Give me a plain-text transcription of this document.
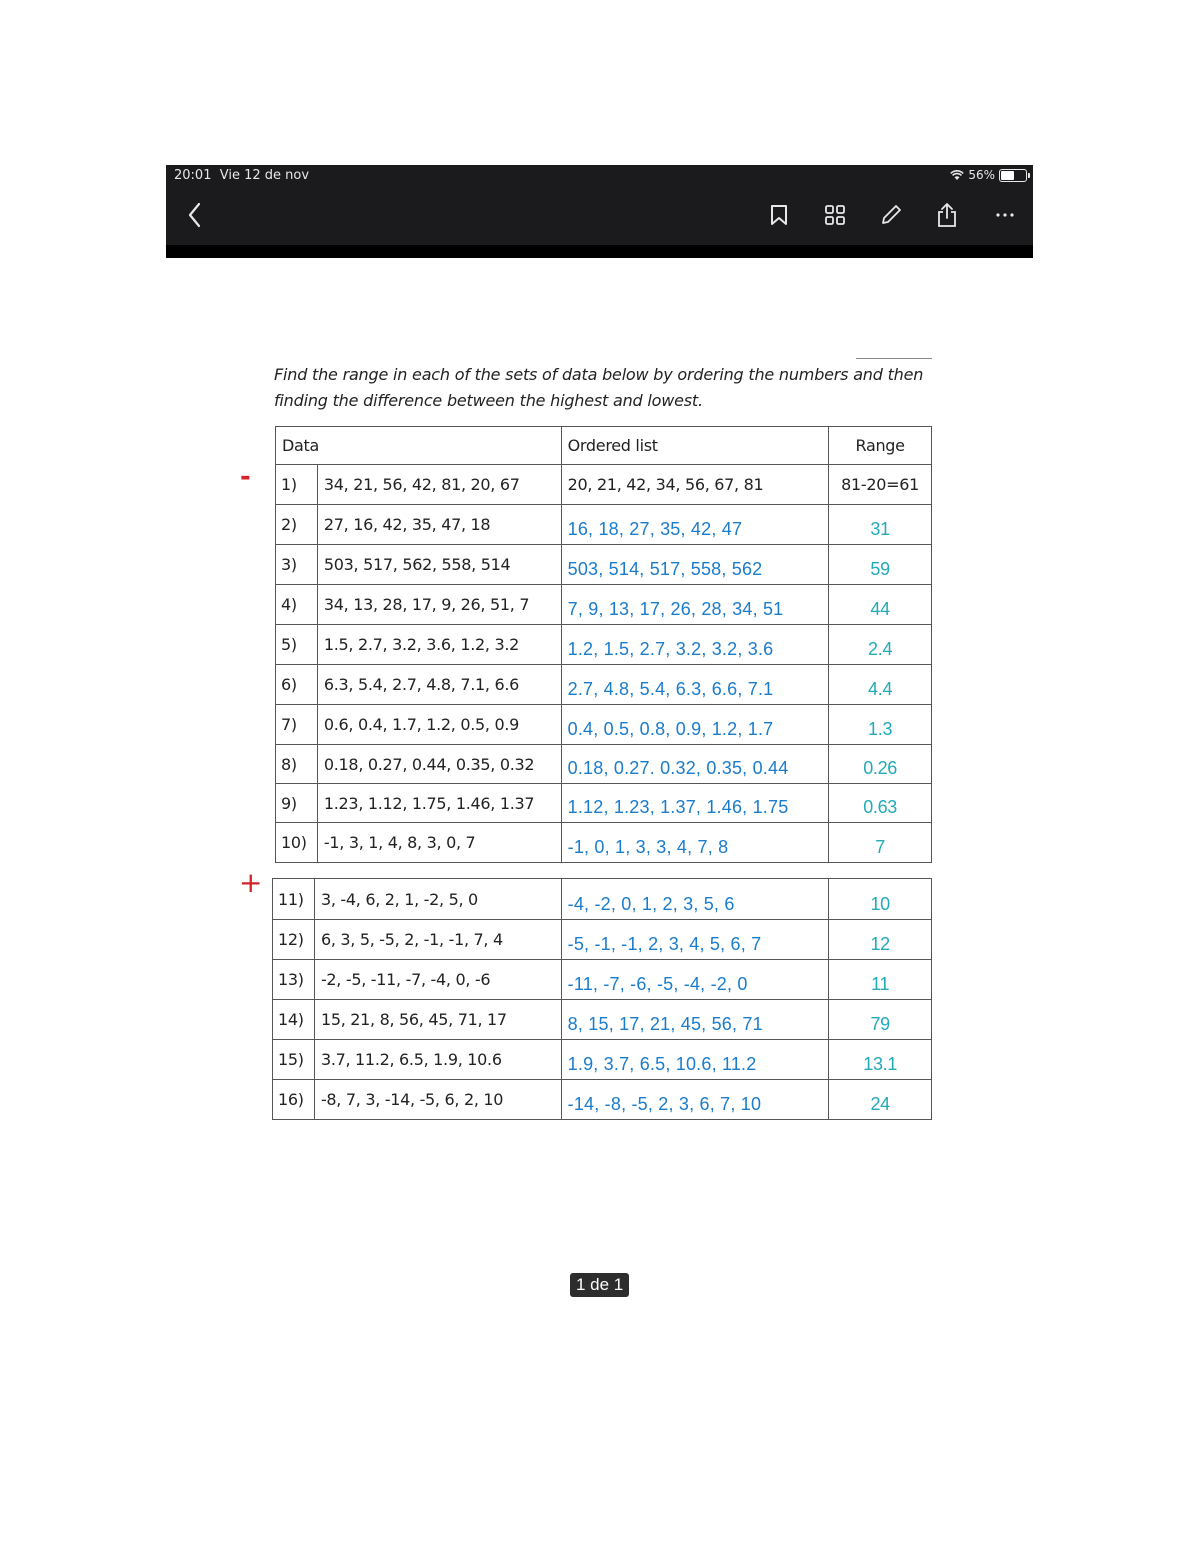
20:01 Vie 12 de nov	56%
Find the range in each of the sets of data below by ordering the numbers and then
finding the difference between the highest and lowest.
-
+
Data		Ordered list	Range
1)	34, 21, 56, 42, 81, 20, 67	20, 21, 42, 34, 56, 67, 81	81-20=61
2)	27, 16, 42, 35, 47, 18	16, 18, 27, 35, 42, 47	31
3)	503, 517, 562, 558, 514	503, 514, 517, 558, 562	59
4)	34, 13, 28, 17, 9, 26, 51, 7	7, 9, 13, 17, 26, 28, 34, 51	44
5)	1.5, 2.7, 3.2, 3.6, 1.2, 3.2	1.2, 1.5, 2.7, 3.2, 3.2, 3.6	2.4
6)	6.3, 5.4, 2.7, 4.8, 7.1, 6.6	2.7, 4.8, 5.4, 6.3, 6.6, 7.1	4.4
7)	0.6, 0.4, 1.7, 1.2, 0.5, 0.9	0.4, 0.5, 0.8, 0.9, 1.2, 1.7	1.3
8)	0.18, 0.27, 0.44, 0.35, 0.32	0.18, 0.27. 0.32, 0.35, 0.44	0.26
9)	1.23, 1.12, 1.75, 1.46, 1.37	1.12, 1.23, 1.37, 1.46, 1.75	0.63
10)	-1, 3, 1, 4, 8, 3, 0, 7	-1, 0, 1, 3, 3, 4, 7, 8	7
11)	3, -4, 6, 2, 1, -2, 5, 0	-4, -2, 0, 1, 2, 3, 5, 6	10
12)	6, 3, 5, -5, 2, -1, -1, 7, 4	-5, -1, -1, 2, 3, 4, 5, 6, 7	12
13)	-2, -5, -11, -7, -4, 0, -6	-11, -7, -6, -5, -4, -2, 0	11
14)	15, 21, 8, 56, 45, 71, 17	8, 15, 17, 21, 45, 56, 71	79
15)	3.7, 11.2, 6.5, 1.9, 10.6	1.9, 3.7, 6.5, 10.6, 11.2	13.1
16)	-8, 7, 3, -14, -5, 6, 2, 10	-14, -8, -5, 2, 3, 6, 7, 10	24
1 de 1
